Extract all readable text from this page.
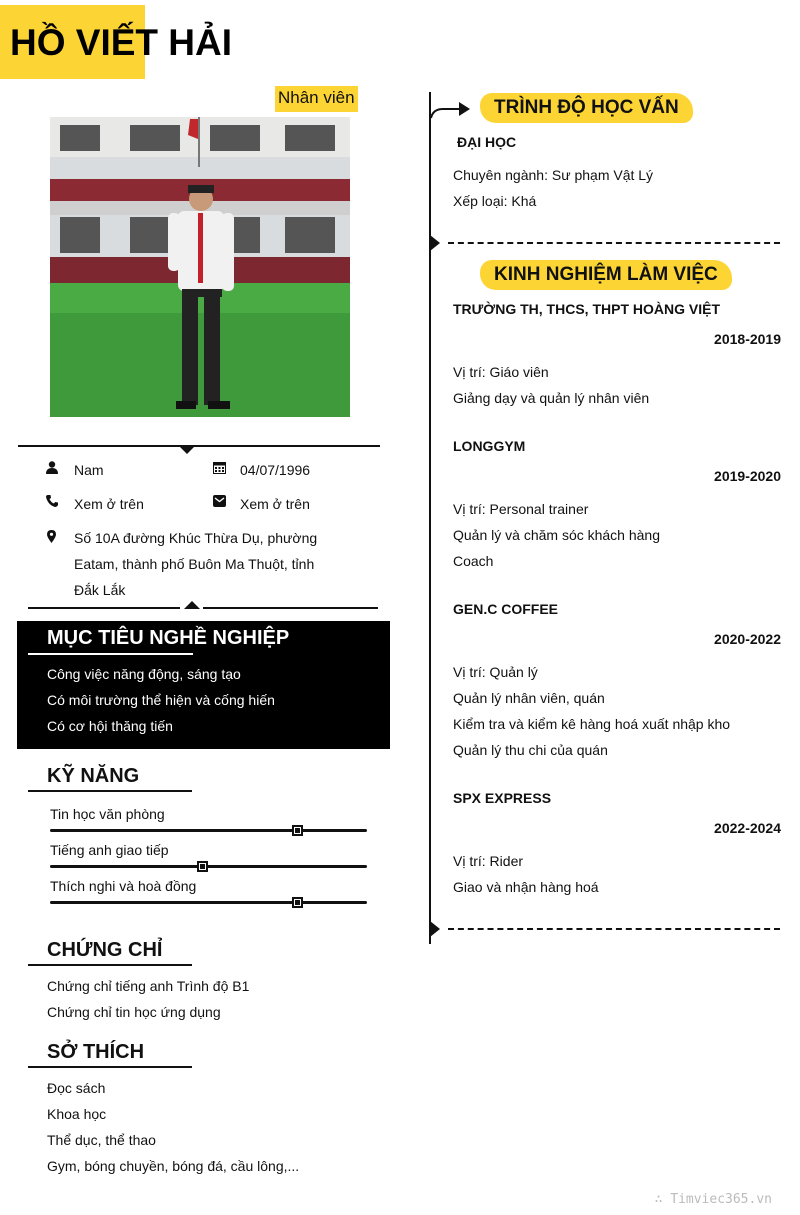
HỒ VIẾT HẢI
Nhân viên
Nam	04/07/1996
Xem ở trên	Xem ở trên
Số 10A đường Khúc Thừa Dụ, phường
Eatam, thành phố Buôn Ma Thuột, tỉnh
Đắk Lắk
MỤC TIÊU NGHỀ NGHIỆP
Công việc năng động, sáng tạo
Có môi trường thể hiện và cống hiến
Có cơ hội thăng tiến
KỸ NĂNG
Tin học văn phòng
Tiếng anh giao tiếp
Thích nghi và hoà đồng
CHỨNG CHỈ
Chứng chỉ tiếng anh Trình độ B1
Chứng chỉ tin học ứng dụng
SỞ THÍCH
Đọc sách
Khoa học
Thể dục, thể thao
Gym, bóng chuyền, bóng đá, cầu lông,...
TRÌNH ĐỘ HỌC VẤN
ĐẠI HỌC
Chuyên ngành: Sư phạm Vật Lý
Xếp loại: Khá
KINH NGHIỆM LÀM VIỆC
TRƯỜNG TH, THCS, THPT HOÀNG VIỆT
2018-2019
Vị trí: Giáo viên
Giảng dạy và quản lý nhân viên
LONGGYM
2019-2020
Vị trí: Personal trainer
Quản lý và chăm sóc khách hàng
Coach
GEN.C COFFEE
2020-2022
Vị trí: Quản lý
Quản lý nhân viên, quán
Kiểm tra và kiểm kê hàng hoá xuất nhập kho
Quản lý thu chi của quán
SPX EXPRESS
2022-2024
Vị trí: Rider
Giao và nhận hàng hoá
∴ Timviec365.vn
